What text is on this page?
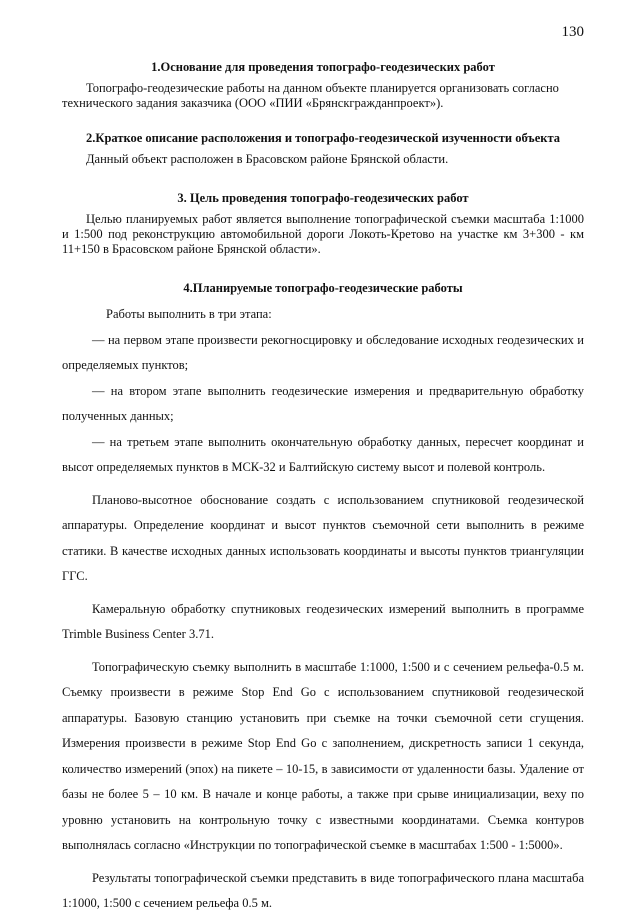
130
1.Основание для проведения топографо-геодезических работ

Топографо-геодезические работы на данном объекте планируется организовать согласно технического задания заказчика (ООО «ПИИ «Брянскгражданпроект»).

2.Краткое описание расположения и топографо-геодезической изученности объекта

Данный объект расположен в Брасовском районе Брянской области.

3. Цель проведения топографо-геодезических работ

Целью планируемых работ является выполнение топографической съемки масштаба 1:1000 и 1:500 под реконструкцию автомобильной дороги Локоть-Кретово на участке км 3+300 - км 11+150 в Брасовском районе Брянской области».

4.Планируемые топографо-геодезические работы

Работы выполнить в три этапа:

— на первом этапе произвести рекогносцировку и обследование исходных геодезических и определяемых пунктов;

— на втором этапе выполнить геодезические измерения и предварительную обработку полученных данных;

— на третьем этапе выполнить окончательную обработку данных, пересчет координат и высот определяемых пунктов в МСК-32 и Балтийскую систему высот и полевой контроль.

Планово-высотное обоснование создать с использованием спутниковой геодезической аппаратуры. Определение координат и высот пунктов съемочной сети выполнить в режиме статики. В качестве исходных данных использовать координаты и высоты пунктов триангуляции ГГС.

Камеральную обработку спутниковых геодезических измерений выполнить в программе Trimble Business Center 3.71.

Топографическую съемку выполнить в масштабе 1:1000, 1:500 и с сечением рельефа-0.5 м. Съемку произвести в режиме Stop End Go с использованием спутниковой геодезической аппаратуры. Базовую станцию установить при съемке на точки съемочной сети сгущения. Измерения произвести в режиме Stop End Go с заполнением, дискретность записи 1 секунда, количество измерений (эпох) на пикете – 10-15, в зависимости от удаленности базы. Удаление от базы не более 5 – 10 км. В начале и конце работы, а также при срыве инициализации, веху по уровню установить на контрольную точку с известными координатами. Съемка контуров выполнялась согласно «Инструкции по топографической съемке в масштабах 1:500 - 1:5000».

Результаты топографической съемки представить в виде топографического плана масштаба 1:1000, 1:500 с сечением рельефа 0.5 м.
